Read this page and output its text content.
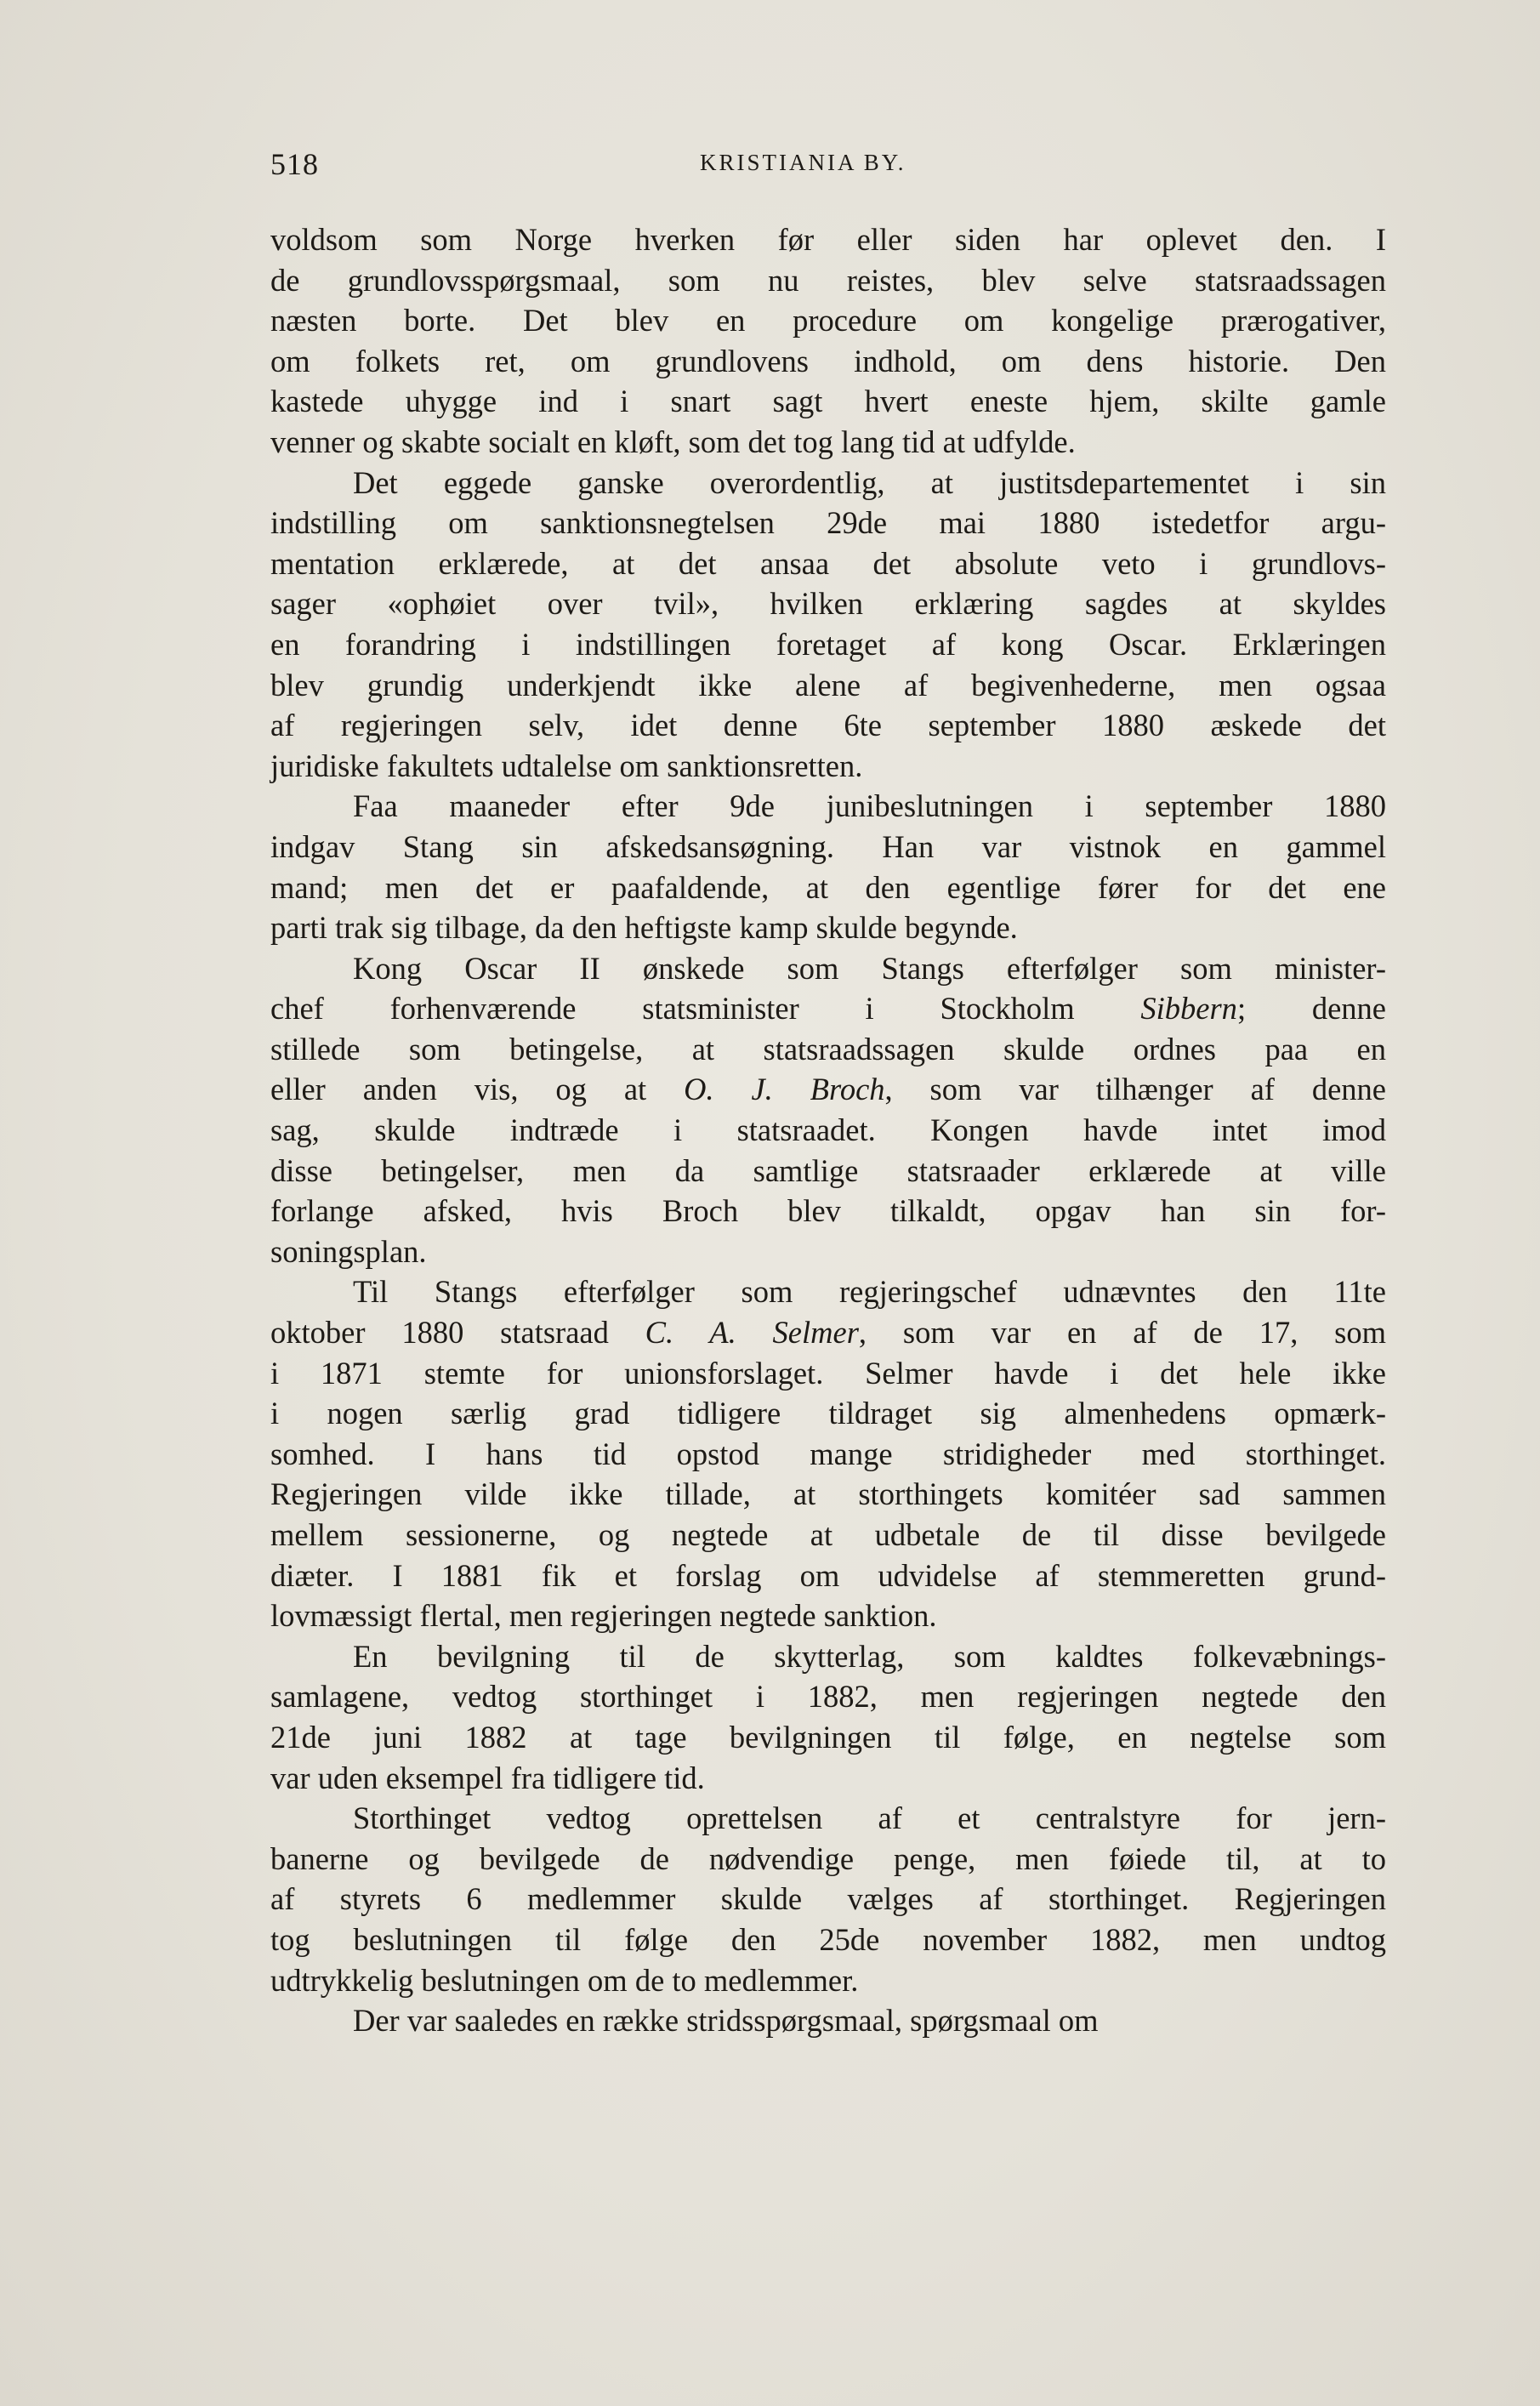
518	KRISTIANIA BY.

voldsom som Norge hverken før eller siden har oplevet den. I
de grundlovsspørgsmaal, som nu reistes, blev selve statsraadssagen
næsten borte. Det blev en procedure om kongelige prærogativer,
om folkets ret, om grundlovens indhold, om dens historie. Den
kastede uhygge ind i snart sagt hvert eneste hjem, skilte gamle
venner og skabte socialt en kløft, som det tog lang tid at udfylde.

Det eggede ganske overordentlig, at justitsdepartementet i sin
indstilling om sanktionsnegtelsen 29de mai 1880 istedetfor argu-
mentation erklærede, at det ansaa det absolute veto i grundlovs-
sager «ophøiet over tvil», hvilken erklæring sagdes at skyldes
en forandring i indstillingen foretaget af kong Oscar. Erklæringen
blev grundig underkjendt ikke alene af begivenhederne, men ogsaa
af regjeringen selv, idet denne 6te september 1880 æskede det
juridiske fakultets udtalelse om sanktionsretten.

Faa maaneder efter 9de junibeslutningen i september 1880
indgav Stang sin afskedsansøgning. Han var vistnok en gammel
mand; men det er paafaldende, at den egentlige fører for det ene
parti trak sig tilbage, da den heftigste kamp skulde begynde.

Kong Oscar II ønskede som Stangs efterfølger som minister-
chef forhenværende statsminister i Stockholm Sibbern; denne
stillede som betingelse, at statsraadssagen skulde ordnes paa en
eller anden vis, og at O. J. Broch, som var tilhænger af denne
sag, skulde indtræde i statsraadet. Kongen havde intet imod
disse betingelser, men da samtlige statsraader erklærede at ville
forlange afsked, hvis Broch blev tilkaldt, opgav han sin for-
soningsplan.

Til Stangs efterfølger som regjeringschef udnævntes den 11te
oktober 1880 statsraad C. A. Selmer, som var en af de 17, som
i 1871 stemte for unionsforslaget. Selmer havde i det hele ikke
i nogen særlig grad tidligere tildraget sig almenhedens opmærk-
somhed. I hans tid opstod mange stridigheder med storthinget.
Regjeringen vilde ikke tillade, at storthingets komitéer sad sammen
mellem sessionerne, og negtede at udbetale de til disse bevilgede
diæter. I 1881 fik et forslag om udvidelse af stemmeretten grund-
lovmæssigt flertal, men regjeringen negtede sanktion.

En bevilgning til de skytterlag, som kaldtes folkevæbnings-
samlagene, vedtog storthinget i 1882, men regjeringen negtede den
21de juni 1882 at tage bevilgningen til følge, en negtelse som
var uden eksempel fra tidligere tid.

Storthinget vedtog oprettelsen af et centralstyre for jern-
banerne og bevilgede de nødvendige penge, men føiede til, at to
af styrets 6 medlemmer skulde vælges af storthinget. Regjeringen
tog beslutningen til følge den 25de november 1882, men undtog
udtrykkelig beslutningen om de to medlemmer.

Der var saaledes en række stridsspørgsmaal, spørgsmaal om
